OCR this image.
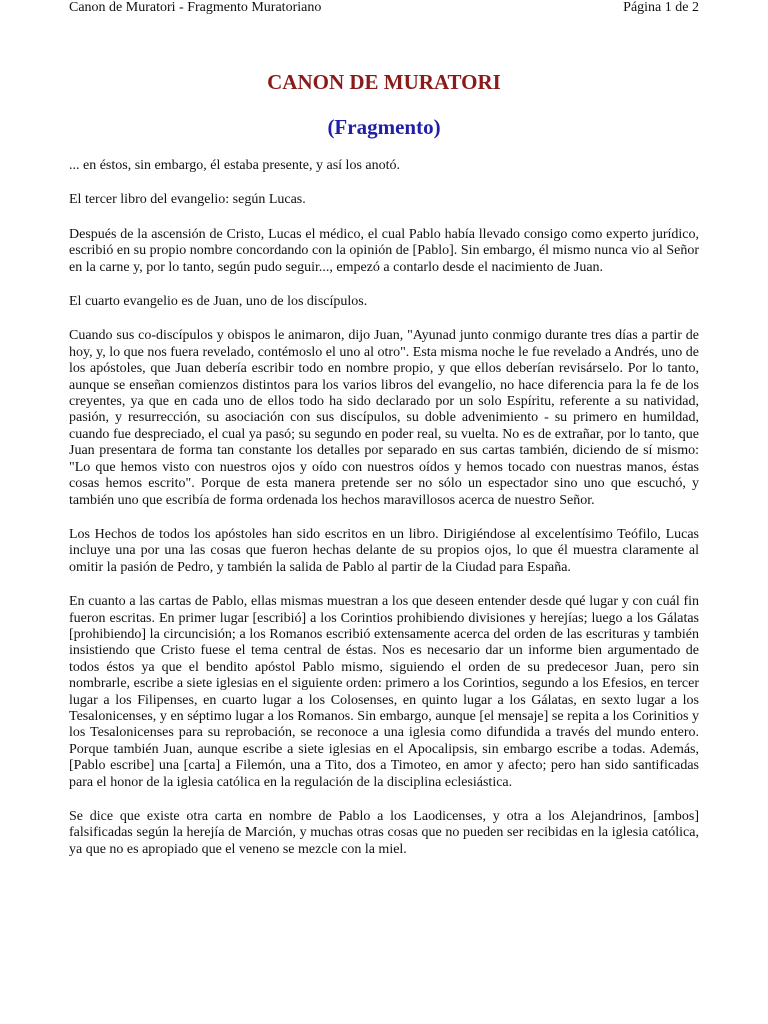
Canon de Muratori - Fragmento Muratoriano	Página 1 de 2
CANON DE MURATORI
(Fragmento)

... en éstos, sin embargo, él estaba presente, y así los anotó.

El tercer libro del evangelio: según Lucas.

Después de la ascensión de Cristo, Lucas el médico, el cual Pablo había llevado consigo como experto jurídico, escribió en su propio nombre concordando con la opinión de [Pablo]. Sin embargo, él mismo nunca vio al Señor en la carne y, por lo tanto, según pudo seguir..., empezó a contarlo desde el nacimiento de Juan.

El cuarto evangelio es de Juan, uno de los discípulos.

Cuando sus co-discípulos y obispos le animaron, dijo Juan, "Ayunad junto conmigo durante tres días a partir de hoy, y, lo que nos fuera revelado, contémoslo el uno al otro". Esta misma noche le fue revelado a Andrés, uno de los apóstoles, que Juan debería escribir todo en nombre propio, y que ellos deberían revisárselo. Por lo tanto, aunque se enseñan comienzos distintos para los varios libros del evangelio, no hace diferencia para la fe de los creyentes, ya que en cada uno de ellos todo ha sido declarado por un solo Espíritu, referente a su natividad, pasión, y resurrección, su asociación con sus discípulos, su doble advenimiento - su primero en humildad, cuando fue despreciado, el cual ya pasó; su segundo en poder real, su vuelta. No es de extrañar, por lo tanto, que Juan presentara de forma tan constante los detalles por separado en sus cartas también, diciendo de sí mismo: "Lo que hemos visto con nuestros ojos y oído con nuestros oídos y hemos tocado con nuestras manos, éstas cosas hemos escrito". Porque de esta manera pretende ser no sólo un espectador sino uno que escuchó, y también uno que escribía de forma ordenada los hechos maravillosos acerca de nuestro Señor.

Los Hechos de todos los apóstoles han sido escritos en un libro. Dirigiéndose al excelentísimo Teófilo, Lucas incluye una por una las cosas que fueron hechas delante de su propios ojos, lo que él muestra claramente al omitir la pasión de Pedro, y también la salida de Pablo al partir de la Ciudad para España.

En cuanto a las cartas de Pablo, ellas mismas muestran a los que deseen entender desde qué lugar y con cuál fin fueron escritas. En primer lugar [escribió] a los Corintios prohibiendo divisiones y herejías; luego a los Gálatas [prohibiendo] la circuncisión; a los Romanos escribió extensamente acerca del orden de las escrituras y también insistiendo que Cristo fuese el tema central de éstas. Nos es necesario dar un informe bien argumentado de todos éstos ya que el bendito apóstol Pablo mismo, siguiendo el orden de su predecesor Juan, pero sin nombrarle, escribe a siete iglesias en el siguiente orden: primero a los Corintios, segundo a los Efesios, en tercer lugar a los Filipenses, en cuarto lugar a los Colosenses, en quinto lugar a los Gálatas, en sexto lugar a los Tesalonicenses, y en séptimo lugar a los Romanos. Sin embargo, aunque [el mensaje] se repita a los Corinitios y los Tesalonicenses para su reprobación, se reconoce a una iglesia como difundida a través del mundo entero. Porque también Juan, aunque escribe a siete iglesias en el Apocalipsis, sin embargo escribe a todas. Además, [Pablo escribe] una [carta] a Filemón, una a Tito, dos a Timoteo, en amor y afecto; pero han sido santificadas para el honor de la iglesia católica en la regulación de la disciplina eclesiástica.

Se dice que existe otra carta en nombre de Pablo a los Laodicenses, y otra a los Alejandrinos, [ambos] falsificadas según la herejía de Marción, y muchas otras cosas que no pueden ser recibidas en la iglesia católica, ya que no es apropiado que el veneno se mezcle con la miel.
